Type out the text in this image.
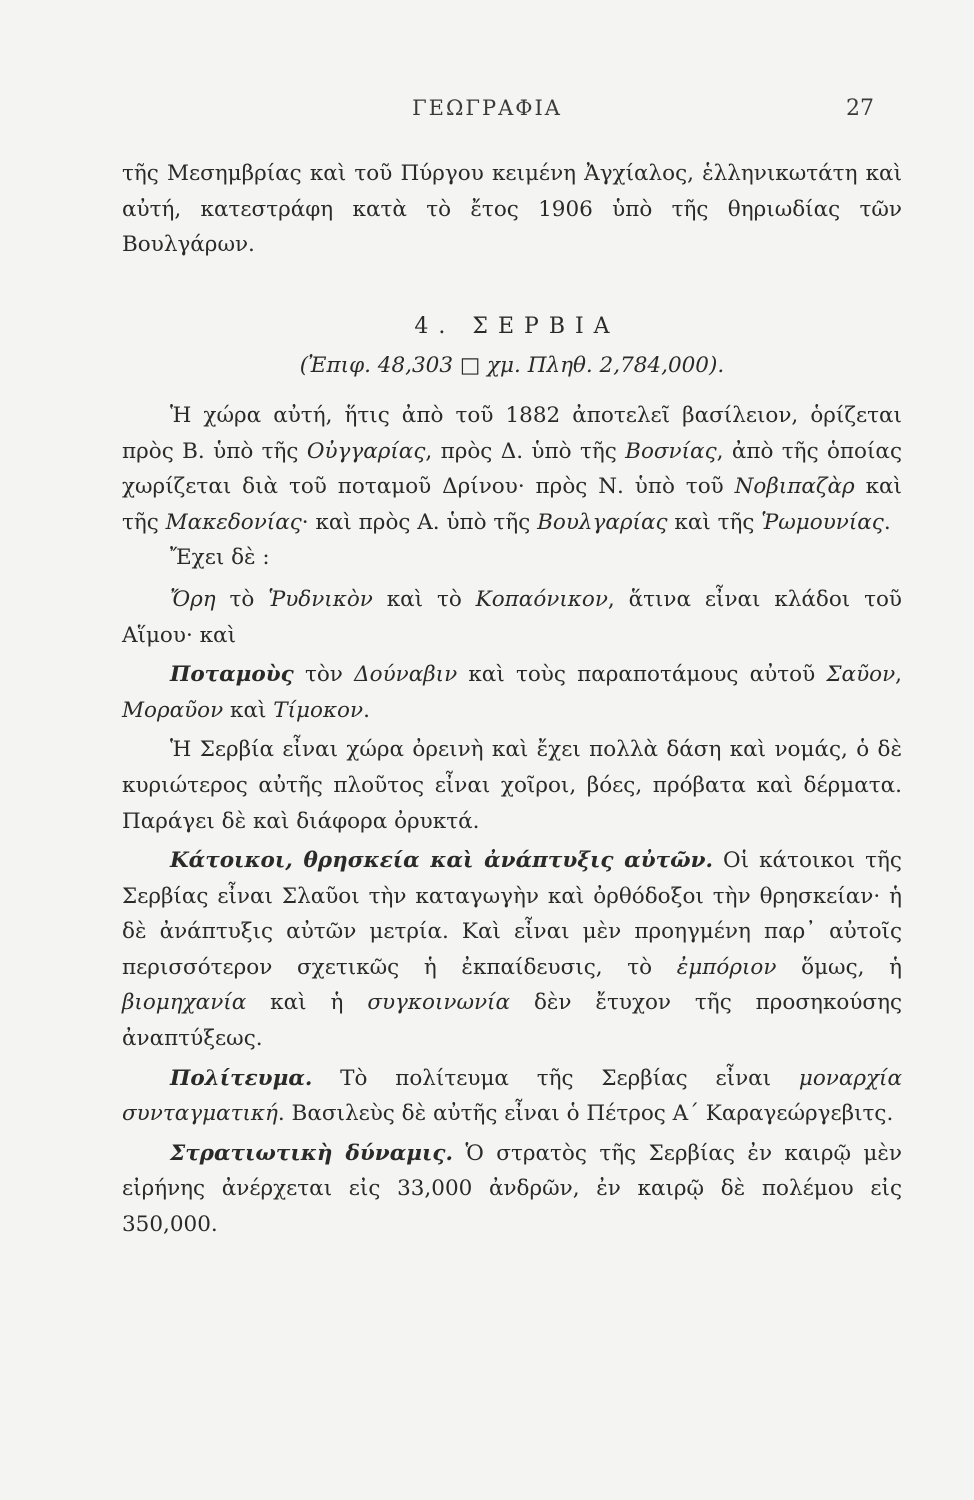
ΓΕΩΓΡΑΦΙΑ	27

τῆς Μεσημβρίας καὶ τοῦ Πύργου κειμένη Ἀγχίαλος, ἑλληνικωτάτη καὶ αὐτή, κατεστράφη κατὰ τὸ ἔτος 1906 ὑπὸ τῆς θηριωδίας τῶν Βουλγάρων.

4. ΣΕΡΒΙΑ

(Ἐπιφ. 48,303 □ χμ. Πληθ. 2,784,000).

Ἡ χώρα αὐτή, ἥτις ἀπὸ τοῦ 1882 ἀποτελεῖ βασίλειον, ὁρίζεται πρὸς Β. ὑπὸ τῆς Οὐγγαρίας, πρὸς Δ. ὑπὸ τῆς Βοσνίας, ἀπὸ τῆς ὁποίας χωρίζεται διὰ τοῦ ποταμοῦ Δρίνου· πρὸς Ν. ὑπὸ τοῦ Νοβιπαζὰρ καὶ τῆς Μακεδονίας· καὶ πρὸς Α. ὑπὸ τῆς Βουλγαρίας καὶ τῆς Ῥωμουνίας.

Ἔχει δὲ :

Ὄρη τὸ Ῥυδνικὸν καὶ τὸ Κοπαόνικον, ἅτινα εἶναι κλάδοι τοῦ Αἵμου· καὶ

Ποταμοὺς τὸν Δούναβιν καὶ τοὺς παραποτάμους αὐτοῦ Σαῦον, Μοραῦον καὶ Τίμοκον.

Ἡ Σερβία εἶναι χώρα ὀρεινὴ καὶ ἔχει πολλὰ δάση καὶ νομάς, ὁ δὲ κυριώτερος αὐτῆς πλοῦτος εἶναι χοῖροι, βόες, πρόβατα καὶ δέρματα. Παράγει δὲ καὶ διάφορα ὀρυκτά.

Κάτοικοι, θρησκεία καὶ ἀνάπτυξις αὐτῶν. Οἱ κάτοικοι τῆς Σερβίας εἶναι Σλαῦοι τὴν καταγωγὴν καὶ ὀρθόδοξοι τὴν θρησκείαν· ἡ δὲ ἀνάπτυξις αὐτῶν μετρία. Καὶ εἶναι μὲν προηγμένη παρ᾽ αὐτοῖς περισσότερον σχετικῶς ἡ ἐκπαίδευσις, τὸ ἐμπόριον ὅμως, ἡ βιομηχανία καὶ ἡ συγκοινωνία δὲν ἔτυχον τῆς προσηκούσης ἀναπτύξεως.

Πολίτευμα. Τὸ πολίτευμα τῆς Σερβίας εἶναι μοναρχία συνταγματική. Βασιλεὺς δὲ αὐτῆς εἶναι ὁ Πέτρος Α΄ Καραγεώργεβιτς.

Στρατιωτικὴ δύναμις. Ὁ στρατὸς τῆς Σερβίας ἐν καιρῷ μὲν εἰρήνης ἀνέρχεται εἰς 33,000 ἀνδρῶν, ἐν καιρῷ δὲ πολέμου εἰς 350,000.
